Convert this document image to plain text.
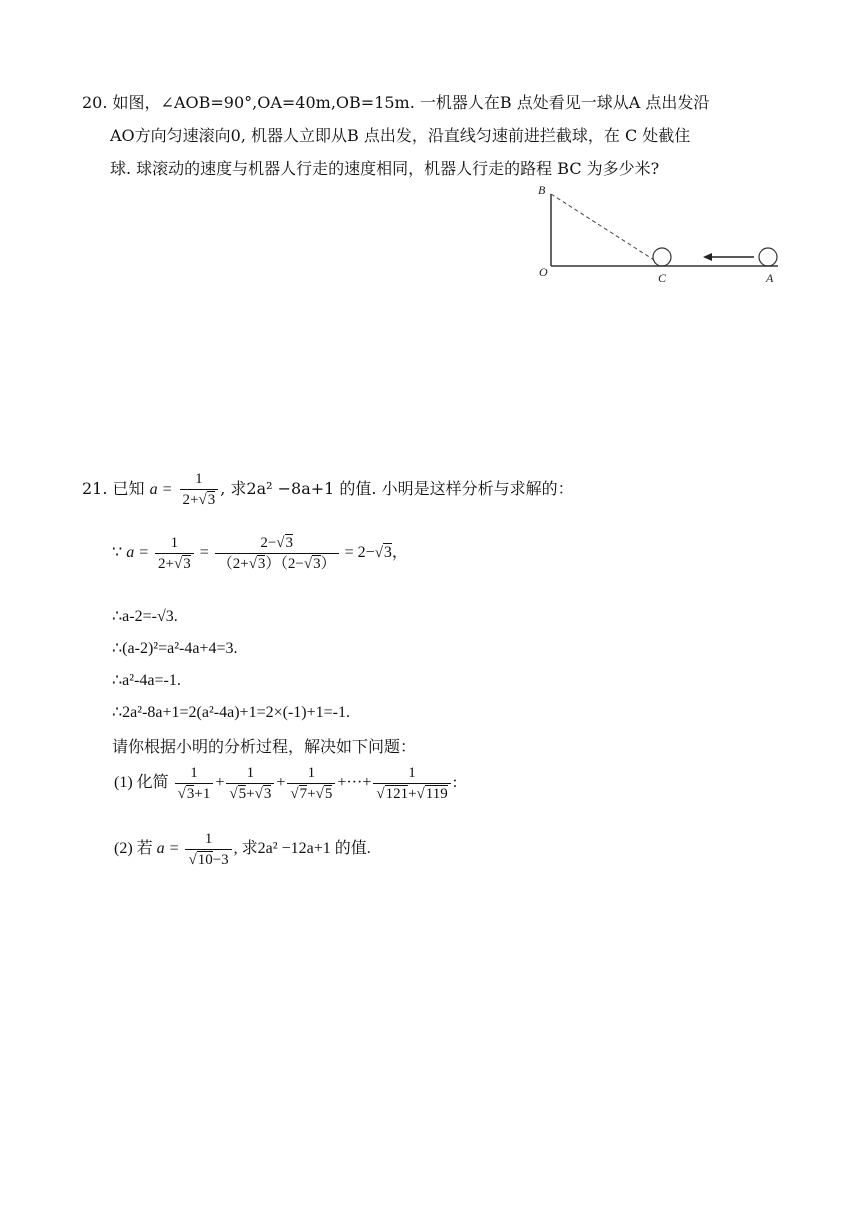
20. 如图，∠AOB=90°,OA=40m,OB=15m. 一机器人在B 点处看见一球从A 点出发沿
AO方向匀速滚向0, 机器人立即从B 点出发，沿直线匀速前进拦截球，在 C 处截住
球. 球滚动的速度与机器人行走的速度相同，机器人行走的路程 BC 为多少米?
B
O	C	A
21. 已知 $a = \frac{1}{2+√3}$ , 求2a² −8a+1 的值. 小明是这样分析与求解的：
∵ $a = \frac{1}{2+√3} = \frac{2-√3}{(2+√3)(2-√3)} = 2-√3$，
∴a-2=-√3.
∴(a-2)²=a²-4a+4=3.
∴a²-4a=-1.
∴2a²-8a+1=2(a²-4a)+1=2×(-1)+1=-1.
请你根据小明的分析过程，解决如下问题：
(1) 化简 $\frac{1}{√3+1} + \frac{1}{√5+√3} + \frac{1}{√7+√5}$ +···+ $\frac{1}{√121+√119}$ :
(2) 若 $a = \frac{1}{√10-3}$ , 求2a² −12a+1 的值.
